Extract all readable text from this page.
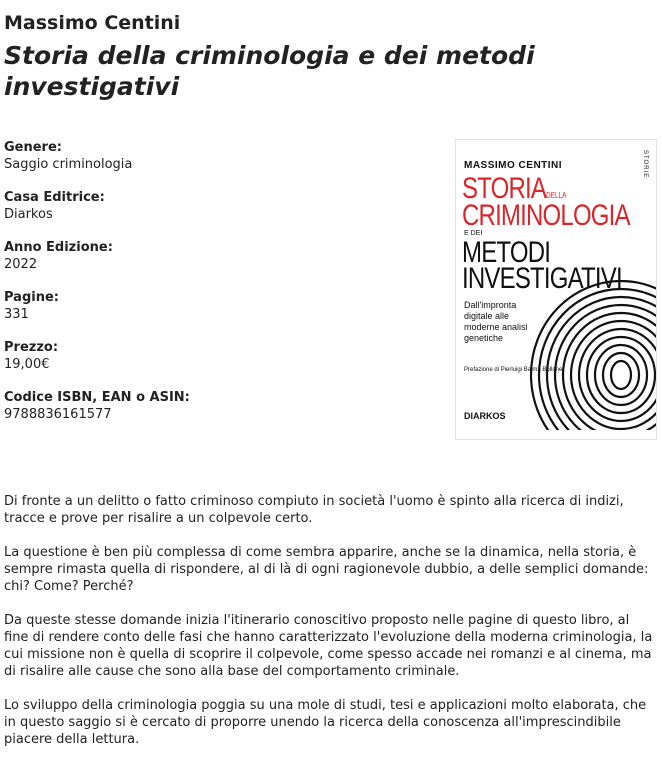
Massimo Centini
Storia della criminologia e dei metodi investigativi
Genere:
Saggio criminologia
Casa Editrice:
Diarkos
Anno Edizione:
2022
Pagine:
331
Prezzo:
19,00€
Codice ISBN, EAN o ASIN:
9788836161577
STORIE
MASSIMO CENTINI
STORIADELLA
CRIMINOLOGIA
E DEI
METODI
INVESTIGATIVI
Dall'impronta digitale alle moderne analisi genetiche
Prefazione di Pierluigi Baima Bollone
DIARKOS

Di fronte a un delitto o fatto criminoso compiuto in società l'uomo è spinto alla ricerca di indizi, tracce e prove per risalire a un colpevole certo.

La questione è ben più complessa di come sembra apparire, anche se la dinamica, nella storia, è sempre rimasta quella di rispondere, al di là di ogni ragionevole dubbio, a delle semplici domande: chi? Come? Perché?

Da queste stesse domande inizia l'itinerario conoscitivo proposto nelle pagine di questo libro, al fine di rendere conto delle fasi che hanno caratterizzato l'evoluzione della moderna criminologia, la cui missione non è quella di scoprire il colpevole, come spesso accade nei romanzi e al cinema, ma di risalire alle cause che sono alla base del comportamento criminale.

Lo sviluppo della criminologia poggia su una mole di studi, tesi e applicazioni molto elaborata, che in questo saggio si è cercato di proporre unendo la ricerca della conoscenza all'imprescindibile piacere della lettura.
